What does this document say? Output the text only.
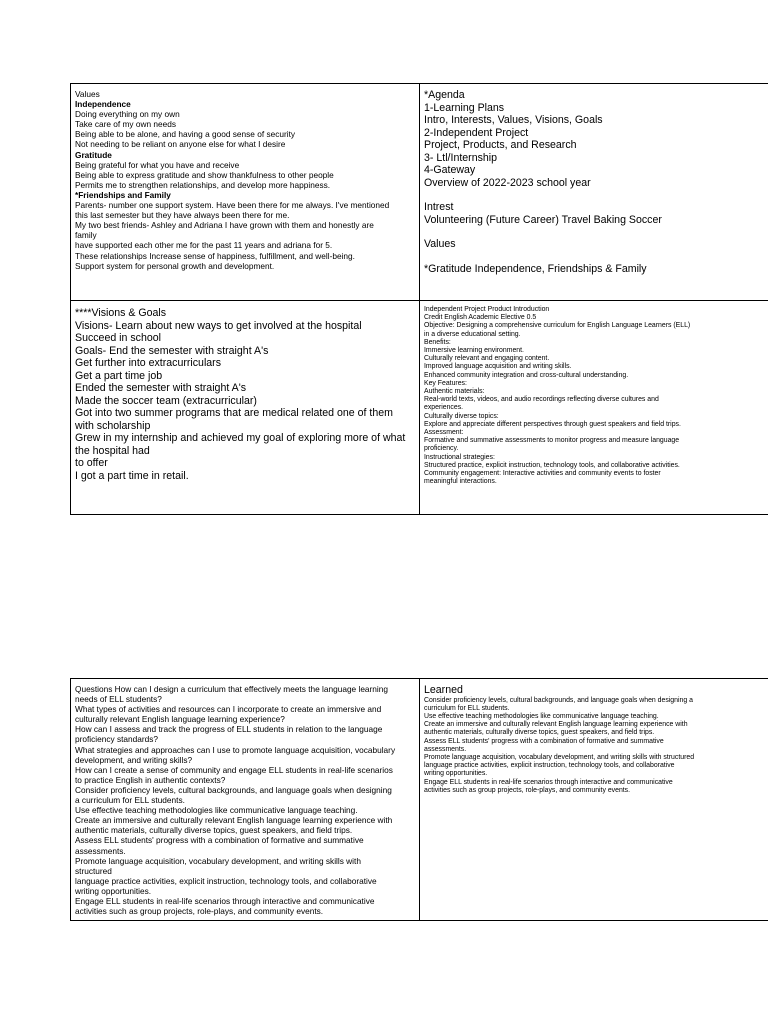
Values
Independence
Doing everything on my own
Take care of my own needs
Being able to be alone, and having a good sense of security
Not needing to be reliant on anyone else for what I desire
Gratitude
Being grateful for what you have and receive
Being able to express gratitude and show thankfulness to other people
Permits me to strengthen relationships, and develop more happiness.
*Friendships and Family
Parents- number one support system. Have been there for me always. I've mentioned
this last semester but they have always been there for me.
My two best friends- Ashley and Adriana I have grown with them and honestly are
family
have supported each other me for the past 11 years and adriana for 5.
These relationships Increase sense of happiness, fulfillment, and well-being.
Support system for personal growth and development.
*Agenda
1-Learning Plans
Intro, Interests, Values, Visions, Goals
2-Independent Project
Project, Products, and Research
3- Ltl/Internship
4-Gateway
Overview of 2022-2023 school year
Intrest
Volunteering (Future Career) Travel Baking Soccer
Values
*Gratitude Independence, Friendships & Family
****Visions & Goals
Visions- Learn about new ways to get involved at the hospital
Succeed in school
Goals- End the semester with straight A's
Get further into extracurriculars
Get a part time job
Ended the semester with straight A's
Made the soccer team (extracurricular)
Got into two summer programs that are medical related one of them
with scholarship
Grew in my internship and achieved my goal of exploring more of what
the hospital had
to offer
I got a part time in retail.
Independent Project Product Introduction
Credit English Academic Elective 0.5
Objective: Designing a comprehensive curriculum for English Language Learners (ELL)
in a diverse educational setting.
Benefits:
Immersive learning environment.
Culturally relevant and engaging content.
Improved language acquisition and writing skills.
Enhanced community integration and cross-cultural understanding.
Key Features:
Authentic materials:
Real-world texts, videos, and audio recordings reflecting diverse cultures and
experiences.
Culturally diverse topics:
Explore and appreciate different perspectives through guest speakers and field trips.
Assessment:
Formative and summative assessments to monitor progress and measure language
proficiency.
Instructional strategies:
Structured practice, explicit instruction, technology tools, and collaborative activities.
Community engagement: Interactive activities and community events to foster
meaningful interactions.
Questions How can I design a curriculum that effectively meets the language learning
needs of ELL students?
What types of activities and resources can I incorporate to create an immersive and
culturally relevant English language learning experience?
How can I assess and track the progress of ELL students in relation to the language
proficiency standards?
What strategies and approaches can I use to promote language acquisition, vocabulary
development, and writing skills?
How can I create a sense of community and engage ELL students in real-life scenarios
to practice English in authentic contexts?
Consider proficiency levels, cultural backgrounds, and language goals when designing
a curriculum for ELL students.
Use effective teaching methodologies like communicative language teaching.
Create an immersive and culturally relevant English language learning experience with
authentic materials, culturally diverse topics, guest speakers, and field trips.
Assess ELL students' progress with a combination of formative and summative
assessments.
Promote language acquisition, vocabulary development, and writing skills with
structured
language practice activities, explicit instruction, technology tools, and collaborative
writing opportunities.
Engage ELL students in real-life scenarios through interactive and communicative
activities such as group projects, role-plays, and community events.
Learned
Consider proficiency levels, cultural backgrounds, and language goals when designing a
curriculum for ELL students.
Use effective teaching methodologies like communicative language teaching.
Create an immersive and culturally relevant English language learning experience with
authentic materials, culturally diverse topics, guest speakers, and field trips.
Assess ELL students' progress with a combination of formative and summative
assessments.
Promote language acquisition, vocabulary development, and writing skills with structured
language practice activities, explicit instruction, technology tools, and collaborative
writing opportunities.
Engage ELL students in real-life scenarios through interactive and communicative
activities such as group projects, role-plays, and community events.
